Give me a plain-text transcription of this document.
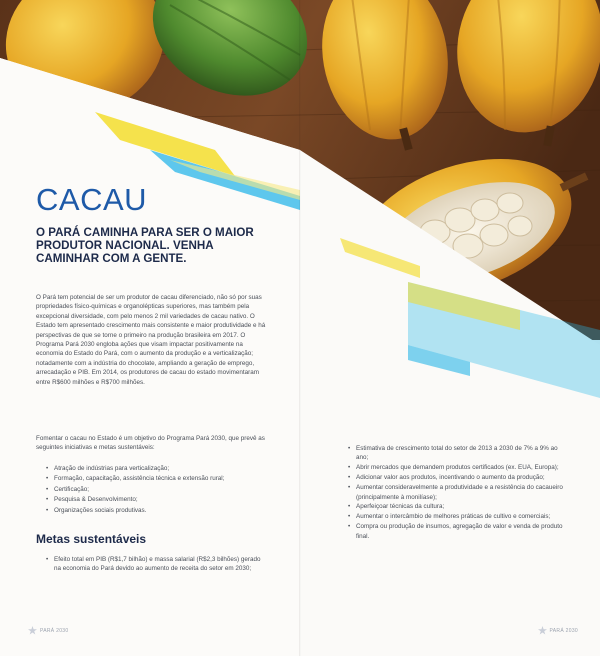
CACAU
O PARÁ CAMINHA PARA SER O MAIOR PRODUTOR NACIONAL. VENHA CAMINHAR COM A GENTE.

O Pará tem potencial de ser um produtor de cacau diferenciado, não só por suas propriedades físico-químicas e organolépticas superiores, mas também pela excepcional diversidade, com pelo menos 2 mil variedades de cacau nativo. O Estado tem apresentado crescimento mais consistente e maior produtividade e há perspectivas de que se torne o primeiro na produção brasileira em 2017. O Programa Pará 2030 engloba ações que visam impactar positivamente na economia do Estado do Pará, com o aumento da produção e a verticalização; notadamente com a indústria do chocolate, ampliando a geração de emprego, arrecadação e PIB. Em 2014, os produtores de cacau do estado movimentaram entre R$600 milhões e R$700 milhões.

Fomentar o cacau no Estado é um objetivo do Programa Pará 2030, que prevê as seguintes iniciativas e metas sustentáveis:

• Atração de indústrias para verticalização;
• Formação, capacitação, assistência técnica e extensão rural;
• Certificação;
• Pesquisa & Desenvolvimento;
• Organizações sociais produtivas.
Metas sustentáveis
• Efeito total em PIB (R$1,7 bilhão) e massa salarial (R$2,3 bilhões) gerado na economia do Pará devido ao aumento de receita do setor em 2030;
• Estimativa de crescimento total do setor de 2013 a 2030 de 7% a 9% ao ano;
• Abrir mercados que demandem produtos certificados (ex. EUA, Europa);
• Adicionar valor aos produtos, incentivando o aumento da produção;
• Aumentar consideravelmente a produtividade e a resistência do cacaueiro (principalmente à monilíase);
• Aperfeiçoar técnicas da cultura;
• Aumentar o intercâmbio de melhores práticas de cultivo e comerciais;
• Compra ou produção de insumos, agregação de valor e venda de produto final.
PARÁ 2030	PARÁ 2030
